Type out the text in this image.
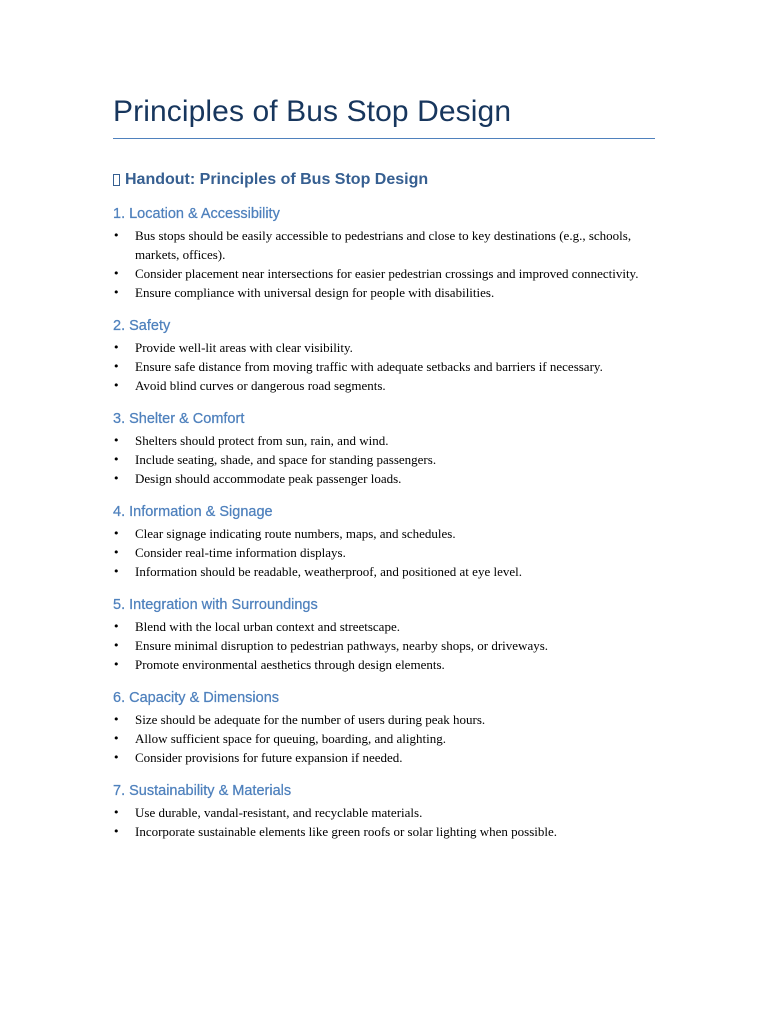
Principles of Bus Stop Design
Handout: Principles of Bus Stop Design
1. Location & Accessibility
• Bus stops should be easily accessible to pedestrians and close to key destinations (e.g., schools, markets, offices).
• Consider placement near intersections for easier pedestrian crossings and improved connectivity.
• Ensure compliance with universal design for people with disabilities.
2. Safety
• Provide well-lit areas with clear visibility.
• Ensure safe distance from moving traffic with adequate setbacks and barriers if necessary.
• Avoid blind curves or dangerous road segments.
3. Shelter & Comfort
• Shelters should protect from sun, rain, and wind.
• Include seating, shade, and space for standing passengers.
• Design should accommodate peak passenger loads.
4. Information & Signage
• Clear signage indicating route numbers, maps, and schedules.
• Consider real-time information displays.
• Information should be readable, weatherproof, and positioned at eye level.
5. Integration with Surroundings
• Blend with the local urban context and streetscape.
• Ensure minimal disruption to pedestrian pathways, nearby shops, or driveways.
• Promote environmental aesthetics through design elements.
6. Capacity & Dimensions
• Size should be adequate for the number of users during peak hours.
• Allow sufficient space for queuing, boarding, and alighting.
• Consider provisions for future expansion if needed.
7. Sustainability & Materials
• Use durable, vandal-resistant, and recyclable materials.
• Incorporate sustainable elements like green roofs or solar lighting when possible.
